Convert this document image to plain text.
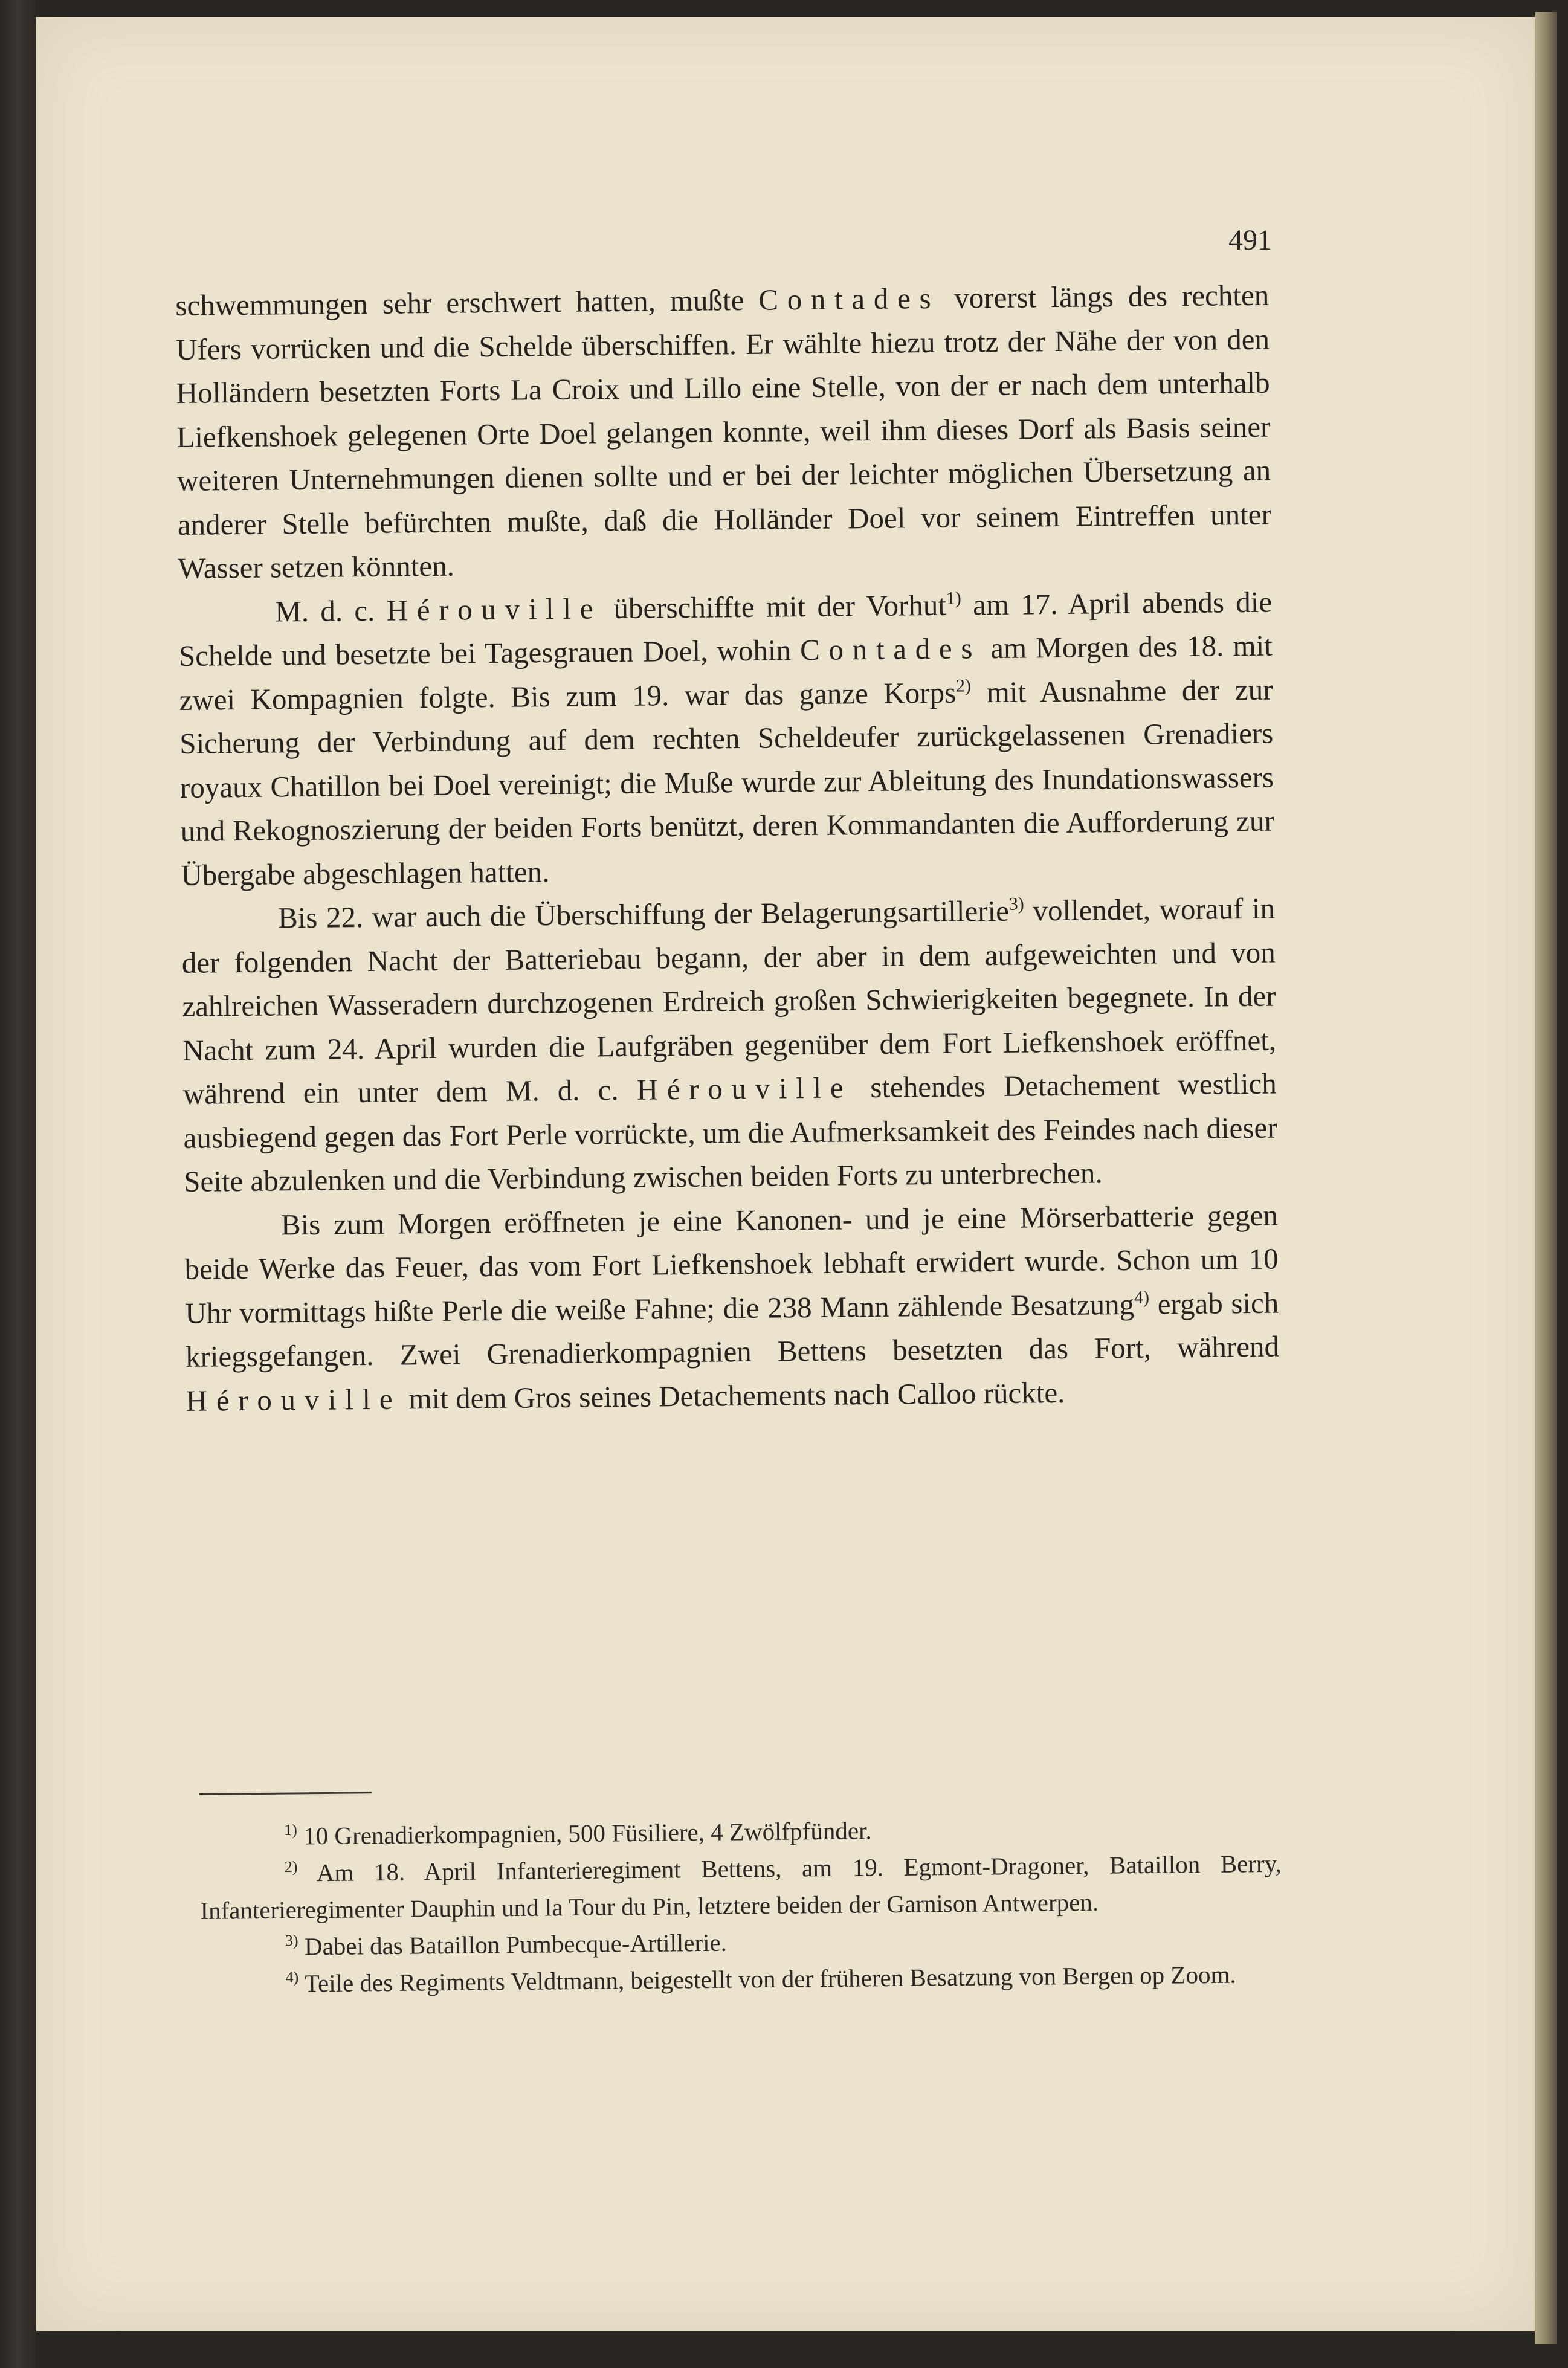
491

schwemmungen sehr erschwert hatten, mußte Contades vorerst längs des rechten Ufers vorrücken und die Schelde überschiffen. Er wählte hiezu trotz der Nähe der von den Holländern besetzten Forts La Croix und Lillo eine Stelle, von der er nach dem unterhalb Liefkenshoek gelegenen Orte Doel gelangen konnte, weil ihm dieses Dorf als Basis seiner weiteren Unternehmungen dienen sollte und er bei der leichter möglichen Übersetzung an anderer Stelle befürchten mußte, daß die Holländer Doel vor seinem Eintreffen unter Wasser setzen könnten.

M. d. c. Hérouville überschiffte mit der Vorhut$^{1)}$ am 17. April abends die Schelde und besetzte bei Tagesgrauen Doel, wohin Contades am Morgen des 18. mit zwei Kompagnien folgte. Bis zum 19. war das ganze Korps$^{2)}$ mit Ausnahme der zur Sicherung der Verbindung auf dem rechten Scheldeufer zurückgelassenen Grenadiers royaux Chatillon bei Doel vereinigt; die Muße wurde zur Ableitung des Inundationswassers und Rekognoszierung der beiden Forts benützt, deren Kommandanten die Aufforderung zur Übergabe abgeschlagen hatten.

Bis 22. war auch die Überschiffung der Belagerungsartillerie$^{3)}$ vollendet, worauf in der folgenden Nacht der Batteriebau begann, der aber in dem aufgeweichten und von zahlreichen Wasseradern durchzogenen Erdreich großen Schwierigkeiten begegnete. In der Nacht zum 24. April wurden die Laufgräben gegenüber dem Fort Liefkenshoek eröffnet, während ein unter dem M. d. c. Hérouville stehendes Detachement westlich ausbiegend gegen das Fort Perle vorrückte, um die Aufmerksamkeit des Feindes nach dieser Seite abzulenken und die Verbindung zwischen beiden Forts zu unterbrechen.

Bis zum Morgen eröffneten je eine Kanonen- und je eine Mörserbatterie gegen beide Werke das Feuer, das vom Fort Liefkenshoek lebhaft erwidert wurde. Schon um 10 Uhr vormittags hißte Perle die weiße Fahne; die 238 Mann zählende Besatzung$^{4)}$ ergab sich kriegsgefangen. Zwei Grenadierkompagnien Bettens besetzten das Fort, während Hérouville mit dem Gros seines Detachements nach Calloo rückte.

$^{1)}$ 10 Grenadierkompagnien, 500 Füsiliere, 4 Zwölfpfünder.

$^{2)}$ Am 18. April Infanterieregiment Bettens, am 19. Egmont-Dragoner, Bataillon Berry, Infanterieregimenter Dauphin und la Tour du Pin, letztere beiden der Garnison Antwerpen.

$^{3)}$ Dabei das Bataillon Pumbecque-Artillerie.

$^{4)}$ Teile des Regiments Veldtmann, beigestellt von der früheren Besatzung von Bergen op Zoom.
